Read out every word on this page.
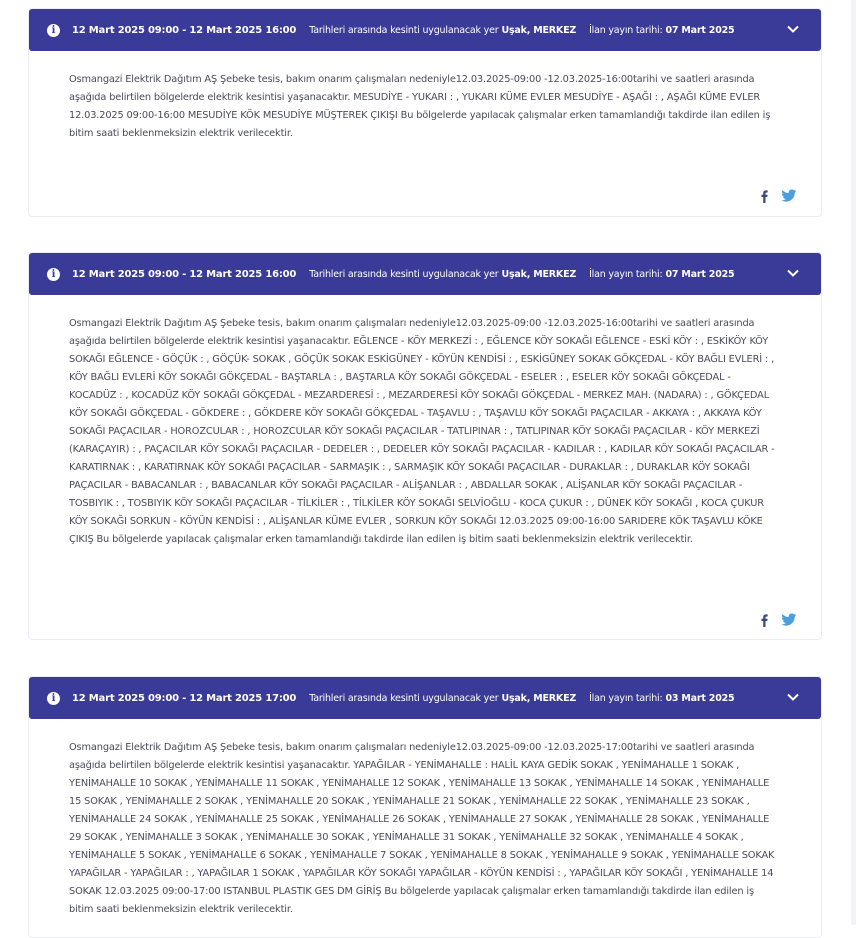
i	12 Mart 2025 09:00 - 12 Mart 2025 16:00 Tarihleri arasında kesinti uygulanacak yer Uşak, MERKEZ İlan yayın tarihi: 07 Mart 2025
Osmangazi Elektrik Dağıtım AŞ Şebeke tesis, bakım onarım çalışmaları nedeniyle12.03.2025-09:00 -12.03.2025-16:00tarihi ve saatleri arasında aşağıda belirtilen bölgelerde elektrik kesintisi yaşanacaktır. MESUDİYE - YUKARI : , YUKARI KÜME EVLER MESUDİYE - AŞAĞI : , AŞAĞI KÜME EVLER 12.03.2025 09:00-16:00 MESUDİYE KÖK MESUDİYE MÜŞTEREK ÇIKIŞI Bu bölgelerde yapılacak çalışmalar erken tamamlandığı takdirde ilan edilen iş bitim saati beklenmeksizin elektrik verilecektir.
i	12 Mart 2025 09:00 - 12 Mart 2025 16:00 Tarihleri arasında kesinti uygulanacak yer Uşak, MERKEZ İlan yayın tarihi: 07 Mart 2025
Osmangazi Elektrik Dağıtım AŞ Şebeke tesis, bakım onarım çalışmaları nedeniyle12.03.2025-09:00 -12.03.2025-16:00tarihi ve saatleri arasında aşağıda belirtilen bölgelerde elektrik kesintisi yaşanacaktır. EĞLENCE - KÖY MERKEZİ : , EĞLENCE KÖY SOKAĞI EĞLENCE - ESKİ KÖY : , ESKİKÖY KÖY SOKAĞI EĞLENCE - GÖÇÜK : , GÖÇÜK- SOKAK , GÖÇÜK SOKAK ESKİGÜNEY - KÖYÜN KENDİSİ : , ESKİGÜNEY SOKAK GÖKÇEDAL - KÖY BAĞLI EVLERİ : , KÖY BAĞLI EVLERİ KÖY SOKAĞI GÖKÇEDAL - BAŞTARLA : , BAŞTARLA KÖY SOKAĞI GÖKÇEDAL - ESELER : , ESELER KÖY SOKAĞI GÖKÇEDAL - KOCADÜZ : , KOCADÜZ KÖY SOKAĞI GÖKÇEDAL - MEZARDERESİ : , MEZARDERESİ KÖY SOKAĞI GÖKÇEDAL - MERKEZ MAH. (NADARA) : , GÖKÇEDAL KÖY SOKAĞI GÖKÇEDAL - GÖKDERE : , GÖKDERE KÖY SOKAĞI GÖKÇEDAL - TAŞAVLU : , TAŞAVLU KÖY SOKAĞI PAÇACILAR - AKKAYA : , AKKAYA KÖY SOKAĞI PAÇACILAR - HOROZCULAR : , HOROZCULAR KÖY SOKAĞI PAÇACILAR - TATLIPINAR : , TATLIPINAR KÖY SOKAĞI PAÇACILAR - KÖY MERKEZİ (KARAÇAYIR) : , PAÇACILAR KÖY SOKAĞI PAÇACILAR - DEDELER : , DEDELER KÖY SOKAĞI PAÇACILAR - KADILAR : , KADILAR KÖY SOKAĞI PAÇACILAR - KARATIRNAK : , KARATIRNAK KÖY SOKAĞI PAÇACILAR - SARMAŞIK : , SARMAŞIK KÖY SOKAĞI PAÇACILAR - DURAKLAR : , DURAKLAR KÖY SOKAĞI PAÇACILAR - BABACANLAR : , BABACANLAR KÖY SOKAĞI PAÇACILAR - ALİŞANLAR : , ABDALLAR SOKAK , ALİŞANLAR KÖY SOKAĞI PAÇACILAR - TOSBIYIK : , TOSBIYIK KÖY SOKAĞI PAÇACILAR - TİLKİLER : , TİLKİLER KÖY SOKAĞI SELVİOĞLU - KOCA ÇUKUR : , DÜNEK KÖY SOKAĞI , KOCA ÇUKUR KÖY SOKAĞI SORKUN - KÖYÜN KENDİSİ : , ALİŞANLAR KÜME EVLER , SORKUN KÖY SOKAĞI 12.03.2025 09:00-16:00 SARIDERE KÖK TAŞAVLU KÖKE ÇIKIŞ Bu bölgelerde yapılacak çalışmalar erken tamamlandığı takdirde ilan edilen iş bitim saati beklenmeksizin elektrik verilecektir.
i	12 Mart 2025 09:00 - 12 Mart 2025 17:00 Tarihleri arasında kesinti uygulanacak yer Uşak, MERKEZ İlan yayın tarihi: 03 Mart 2025
Osmangazi Elektrik Dağıtım AŞ Şebeke tesis, bakım onarım çalışmaları nedeniyle12.03.2025-09:00 -12.03.2025-17:00tarihi ve saatleri arasında aşağıda belirtilen bölgelerde elektrik kesintisi yaşanacaktır. YAPAĞILAR - YENİMAHALLE : HALİL KAYA GEDİK SOKAK , YENİMAHALLE 1 SOKAK , YENİMAHALLE 10 SOKAK , YENİMAHALLE 11 SOKAK , YENİMAHALLE 12 SOKAK , YENİMAHALLE 13 SOKAK , YENİMAHALLE 14 SOKAK , YENİMAHALLE 15 SOKAK , YENİMAHALLE 2 SOKAK , YENİMAHALLE 20 SOKAK , YENİMAHALLE 21 SOKAK , YENİMAHALLE 22 SOKAK , YENİMAHALLE 23 SOKAK , YENİMAHALLE 24 SOKAK , YENİMAHALLE 25 SOKAK , YENİMAHALLE 26 SOKAK , YENİMAHALLE 27 SOKAK , YENİMAHALLE 28 SOKAK , YENİMAHALLE 29 SOKAK , YENİMAHALLE 3 SOKAK , YENİMAHALLE 30 SOKAK , YENİMAHALLE 31 SOKAK , YENİMAHALLE 32 SOKAK , YENİMAHALLE 4 SOKAK , YENİMAHALLE 5 SOKAK , YENİMAHALLE 6 SOKAK , YENİMAHALLE 7 SOKAK , YENİMAHALLE 8 SOKAK , YENİMAHALLE 9 SOKAK , YENİMAHALLE SOKAK YAPAĞILAR - YAPAĞILAR : , YAPAĞILAR 1 SOKAK , YAPAĞILAR KÖY SOKAĞI YAPAĞILAR - KÖYÜN KENDİSİ : , YAPAĞILAR KÖY SOKAĞI , YENİMAHALLE 14 SOKAK 12.03.2025 09:00-17:00 ISTANBUL PLASTIK GES DM GİRİŞ Bu bölgelerde yapılacak çalışmalar erken tamamlandığı takdirde ilan edilen iş bitim saati beklenmeksizin elektrik verilecektir.
